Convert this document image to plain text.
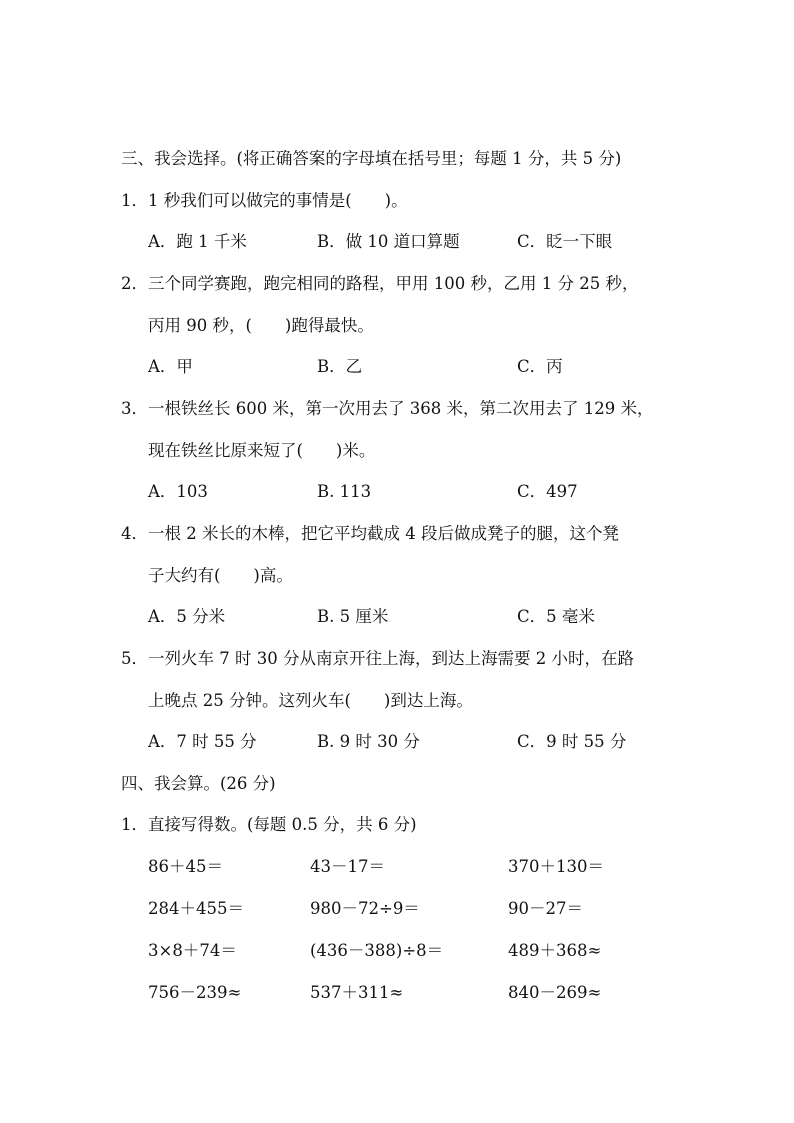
三、我会选择。(将正确答案的字母填在括号里；每题 1 分，共 5 分)
1．1 秒我们可以做完的事情是(　　)。
A．跑 1 千米	B．做 10 道口算题	C．眨一下眼
2．三个同学赛跑，跑完相同的路程，甲用 100 秒，乙用 1 分 25 秒，
丙用 90 秒，(　　)跑得最快。
A．甲	B．乙	C．丙
3．一根铁丝长 600 米，第一次用去了 368 米，第二次用去了 129 米，
现在铁丝比原来短了(　　)米。
A．103	B. 113	C．497
4．一根 2 米长的木棒，把它平均截成 4 段后做成凳子的腿，这个凳
子大约有(　　)高。
A．5 分米	B. 5 厘米	C．5 毫米
5．一列火车 7 时 30 分从南京开往上海，到达上海需要 2 小时，在路
上晚点 25 分钟。这列火车(　　)到达上海。
A．7 时 55 分	B. 9 时 30 分	C．9 时 55 分
四、我会算。(26 分)
1．直接写得数。(每题 0.5 分，共 6 分)
86＋45＝	43－17＝	370＋130＝
284＋455＝	980－72÷9＝	90－27＝
3×8＋74＝	(436－388)÷8＝	489＋368≈
756－239≈	537＋311≈	840－269≈
